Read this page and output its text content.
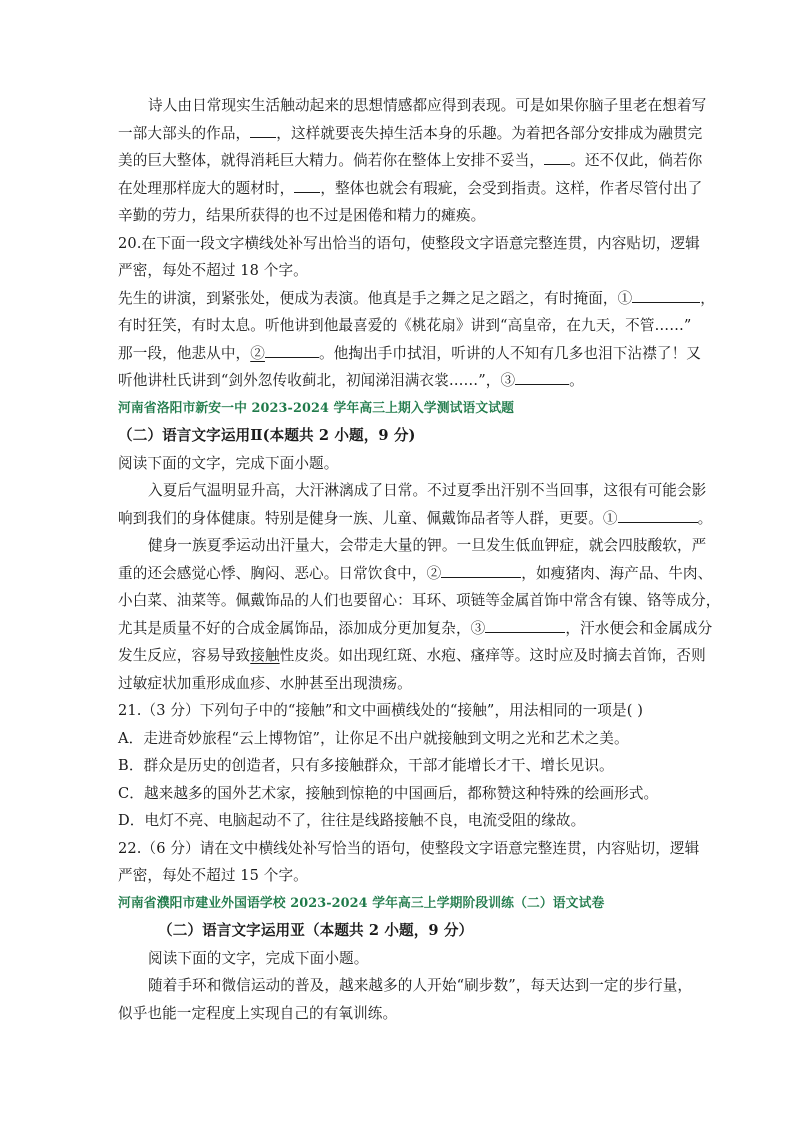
诗人由日常现实生活触动起来的思想情感都应得到表现。可是如果你脑子里老在想着写
一部大部头的作品， ，这样就要丧失掉生活本身的乐趣。为着把各部分安排成为融贯完
美的巨大整体，就得消耗巨大精力。倘若你在整体上安排不妥当， 。还不仅此，倘若你
在处理那样庞大的题材时， ，整体也就会有瑕疵，会受到指责。这样，作者尽管付出了
辛勤的劳力，结果所获得的也不过是困倦和精力的瘫痪。
20.在下面一段文字横线处补写出恰当的语句，使整段文字语意完整连贯，内容贴切，逻辑
严密，每处不超过 18 个字。
先生的讲演，到紧张处，便成为表演。他真是手之舞之足之蹈之，有时掩面，①	，
有时狂笑，有时太息。听他讲到他最喜爱的《桃花扇》讲到“高皇帝，在九天，不管……”
那一段，他悲从中，②	。他掏出手巾拭泪，听讲的人不知有几多也泪下沾襟了！又
听他讲杜氏讲到“剑外忽传收蓟北，初闻涕泪满衣裳……”，③	。
河南省洛阳市新安一中 2023-2024 学年高三上期入学测试语文试题
（二）语言文字运用Ⅱ(本题共 2 小题，9 分)
阅读下面的文字，完成下面小题。
入夏后气温明显升高，大汗淋漓成了日常。不过夏季出汗别不当回事，这很有可能会影
响到我们的身体健康。特别是健身一族、儿童、佩戴饰品者等人群，更要。①	。
健身一族夏季运动出汗量大，会带走大量的钾。一旦发生低血钾症，就会四肢酸软，严
重的还会感觉心悸、胸闷、恶心。日常饮食中，②	，如瘦猪肉、海产品、牛肉、
小白菜、油菜等。佩戴饰品的人们也要留心：耳环、项链等金属首饰中常含有镍、铬等成分，
尤其是质量不好的合成金属饰品，添加成分更加复杂，③	，汗水便会和金属成分
发生反应，容易导致接触性皮炎。如出现红斑、水疱、瘙痒等。这时应及时摘去首饰，否则
过敏症状加重形成血疹、水肿甚至出现溃疡。
21.（3 分）下列句子中的“接触”和文中画横线处的“接触”，用法相同的一项是( )
A．走进奇妙旅程“云上博物馆”，让你足不出户就接触到文明之光和艺术之美。
B．群众是历史的创造者，只有多接触群众，干部才能增长才干、增长见识。
C．越来越多的国外艺术家，接触到惊艳的中国画后，都称赞这种特殊的绘画形式。
D．电灯不亮、电脑起动不了，往往是线路接触不良，电流受阻的缘故。
22.（6 分）请在文中横线处补写恰当的语句，使整段文字语意完整连贯，内容贴切，逻辑
严密，每处不超过 15 个字。
河南省濮阳市建业外国语学校 2023-2024 学年高三上学期阶段训练（二）语文试卷
（二）语言文字运用亚（本题共 2 小题，9 分）
阅读下面的文字，完成下面小题。
随着手环和微信运动的普及，越来越多的人开始“刷步数”，每天达到一定的步行量，
似乎也能一定程度上实现自己的有氧训练。
